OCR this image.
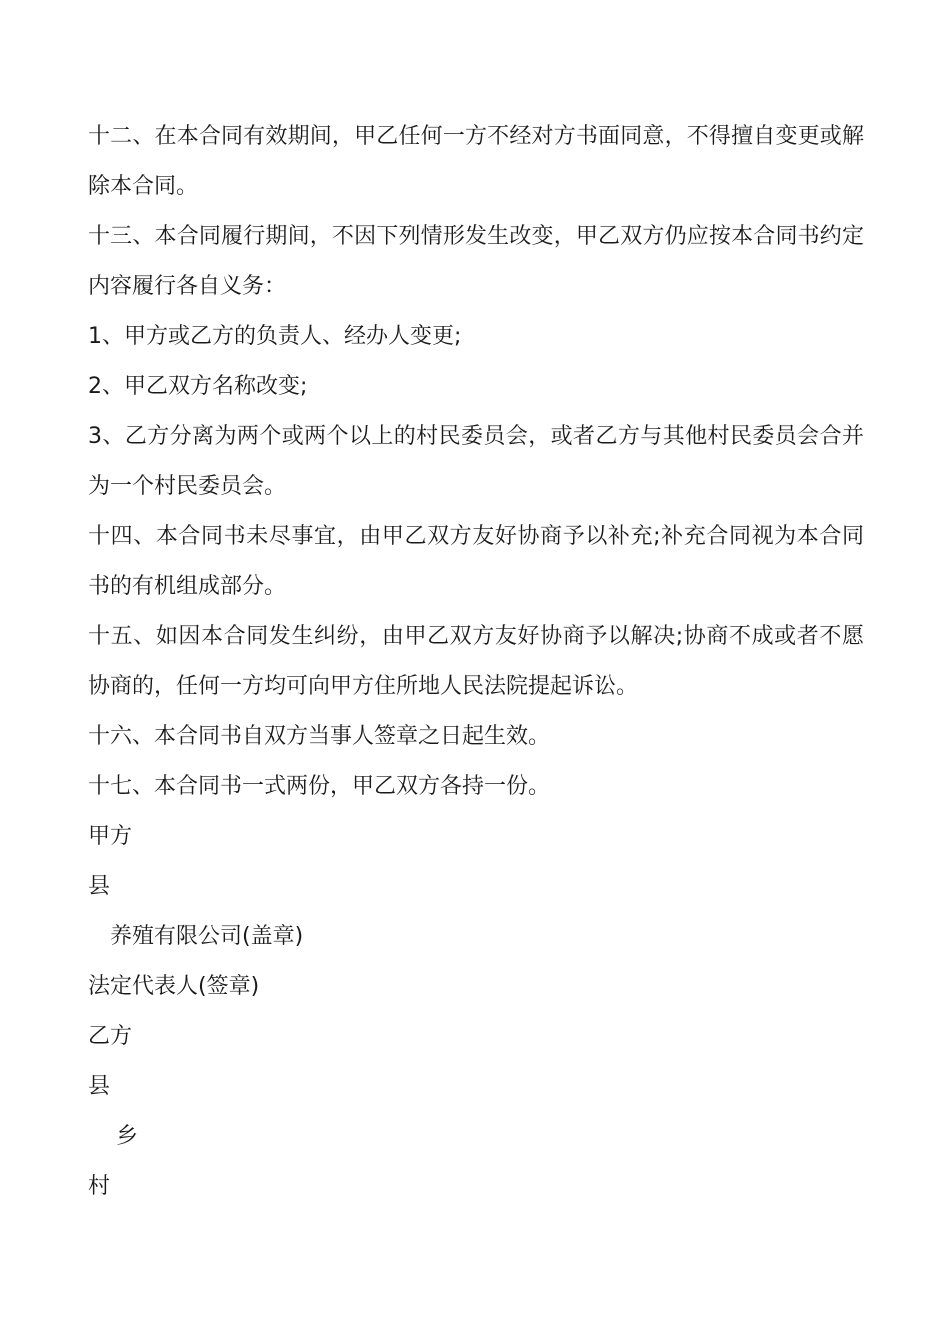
十二、在本合同有效期间，甲乙任何一方不经对方书面同意，不得擅自变更或解除本合同。

十三、本合同履行期间，不因下列情形发生改变，甲乙双方仍应按本合同书约定内容履行各自义务：

1、甲方或乙方的负责人、经办人变更;

2、甲乙双方名称改变;

3、乙方分离为两个或两个以上的村民委员会，或者乙方与其他村民委员会合并为一个村民委员会。

十四、本合同书未尽事宜，由甲乙双方友好协商予以补充;补充合同视为本合同书的有机组成部分。

十五、如因本合同发生纠纷，由甲乙双方友好协商予以解决;协商不成或者不愿协商的，任何一方均可向甲方住所地人民法院提起诉讼。

十六、本合同书自双方当事人签章之日起生效。

十七、本合同书一式两份，甲乙双方各持一份。

甲方

县

养殖有限公司(盖章)

法定代表人(签章)

乙方

县

乡

村
